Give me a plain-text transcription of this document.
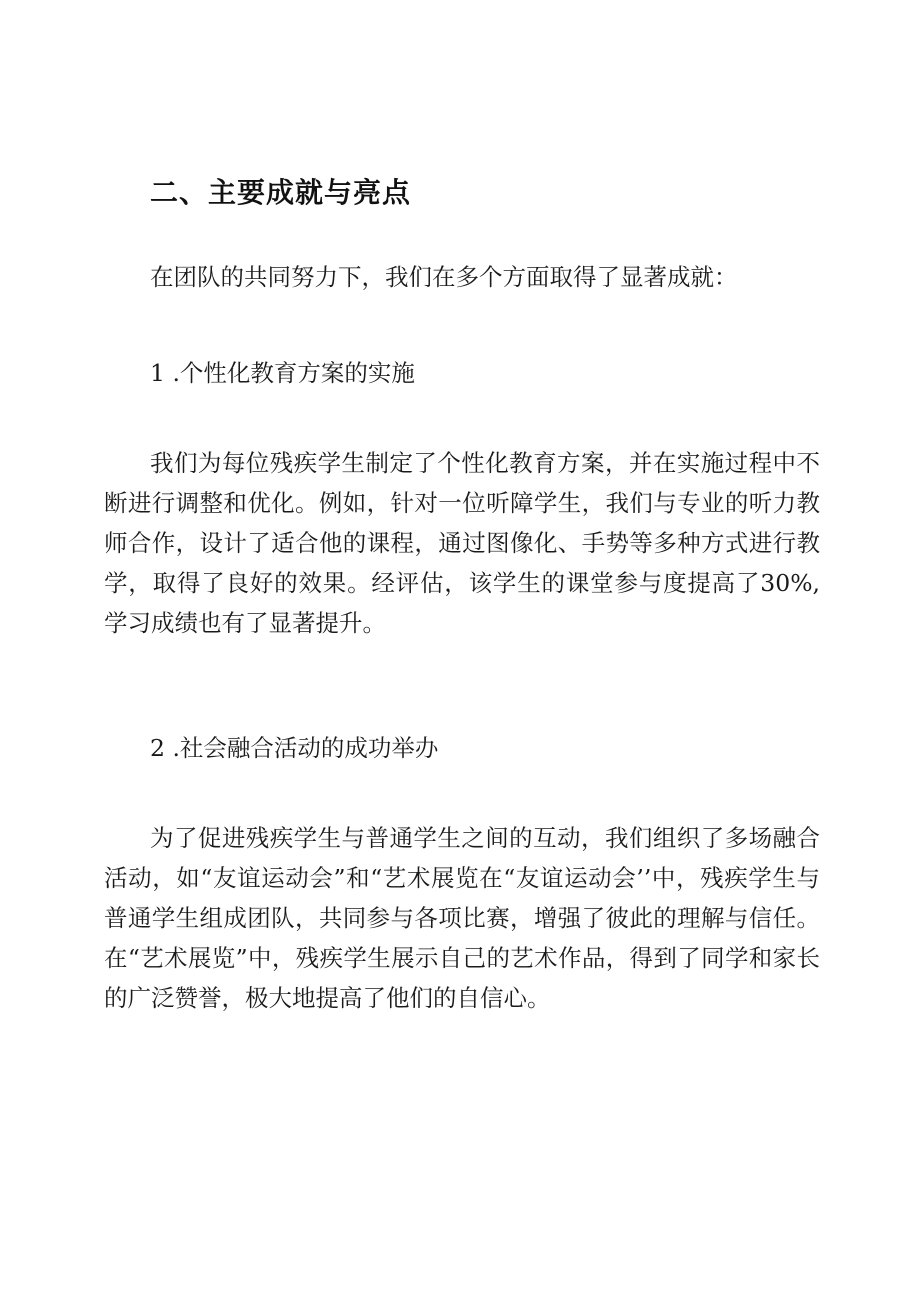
二、主要成就与亮点
在团队的共同努力下，我们在多个方面取得了显著成就：
1 .个性化教育方案的实施
我们为每位残疾学生制定了个性化教育方案，并在实施过程中不断进行调整和优化。例如，针对一位听障学生，我们与专业的听力教师合作，设计了适合他的课程，通过图像化、手势等多种方式进行教学，取得了良好的效果。经评估，该学生的课堂参与度提高了30%,学习成绩也有了显著提升。
2 .社会融合活动的成功举办
为了促进残疾学生与普通学生之间的互动，我们组织了多场融合活动，如“友谊运动会”和“艺术展览在“友谊运动会’’中，残疾学生与普通学生组成团队，共同参与各项比赛，增强了彼此的理解与信任。在“艺术展览”中，残疾学生展示自己的艺术作品，得到了同学和家长的广泛赞誉，极大地提高了他们的自信心。
